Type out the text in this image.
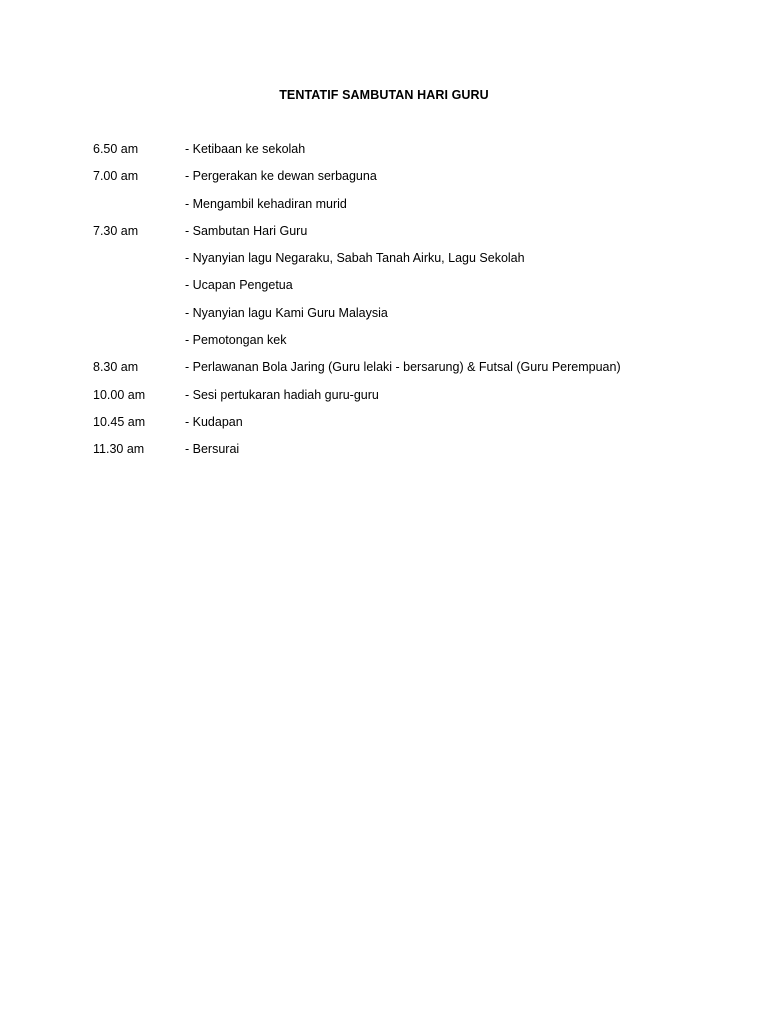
TENTATIF SAMBUTAN HARI GURU
6.50 am	- Ketibaan ke sekolah
7.00 am	- Pergerakan ke dewan serbaguna
- Mengambil kehadiran murid
7.30 am	- Sambutan Hari Guru
- Nyanyian lagu Negaraku, Sabah Tanah Airku, Lagu Sekolah
- Ucapan Pengetua
- Nyanyian lagu Kami Guru Malaysia
- Pemotongan kek
8.30 am	- Perlawanan Bola Jaring (Guru lelaki - bersarung) & Futsal (Guru Perempuan)
10.00 am	- Sesi pertukaran hadiah guru-guru
10.45 am	- Kudapan
11.30 am	- Bersurai
